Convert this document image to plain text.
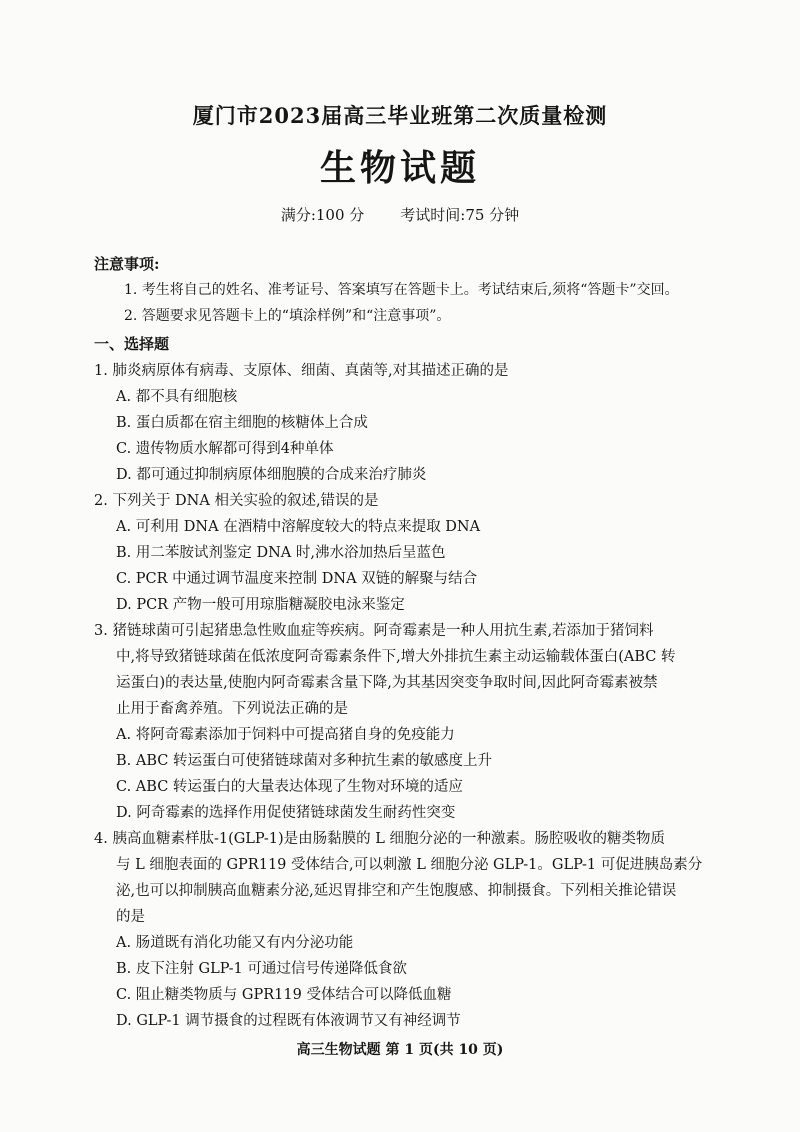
厦门市2023届高三毕业班第二次质量检测
生物试题
满分:100 分 考试时间:75 分钟
注意事项:
1. 考生将自己的姓名、准考证号、答案填写在答题卡上。考试结束后,须将“答题卡”交回。
2. 答题要求见答题卡上的“填涂样例”和“注意事项”。
一、选择题
1. 肺炎病原体有病毒、支原体、细菌、真菌等,对其描述正确的是
A. 都不具有细胞核
B. 蛋白质都在宿主细胞的核糖体上合成
C. 遗传物质水解都可得到4种单体
D. 都可通过抑制病原体细胞膜的合成来治疗肺炎
2. 下列关于 DNA 相关实验的叙述,错误的是
A. 可利用 DNA 在酒精中溶解度较大的特点来提取 DNA
B. 用二苯胺试剂鉴定 DNA 时,沸水浴加热后呈蓝色
C. PCR 中通过调节温度来控制 DNA 双链的解聚与结合
D. PCR 产物一般可用琼脂糖凝胶电泳来鉴定
3. 猪链球菌可引起猪患急性败血症等疾病。阿奇霉素是一种人用抗生素,若添加于猪饲料
中,将导致猪链球菌在低浓度阿奇霉素条件下,增大外排抗生素主动运输载体蛋白(ABC 转
运蛋白)的表达量,使胞内阿奇霉素含量下降,为其基因突变争取时间,因此阿奇霉素被禁
止用于畜禽养殖。下列说法正确的是
A. 将阿奇霉素添加于饲料中可提高猪自身的免疫能力
B. ABC 转运蛋白可使猪链球菌对多种抗生素的敏感度上升
C. ABC 转运蛋白的大量表达体现了生物对环境的适应
D. 阿奇霉素的选择作用促使猪链球菌发生耐药性突变
4. 胰高血糖素样肽-1(GLP-1)是由肠黏膜的 L 细胞分泌的一种激素。肠腔吸收的糖类物质
与 L 细胞表面的 GPR119 受体结合,可以刺激 L 细胞分泌 GLP-1。GLP-1 可促进胰岛素分
泌,也可以抑制胰高血糖素分泌,延迟胃排空和产生饱腹感、抑制摄食。下列相关推论错误
的是
A. 肠道既有消化功能又有内分泌功能
B. 皮下注射 GLP-1 可通过信号传递降低食欲
C. 阻止糖类物质与 GPR119 受体结合可以降低血糖
D. GLP-1 调节摄食的过程既有体液调节又有神经调节
高三生物试题 第 1 页(共 10 页)
